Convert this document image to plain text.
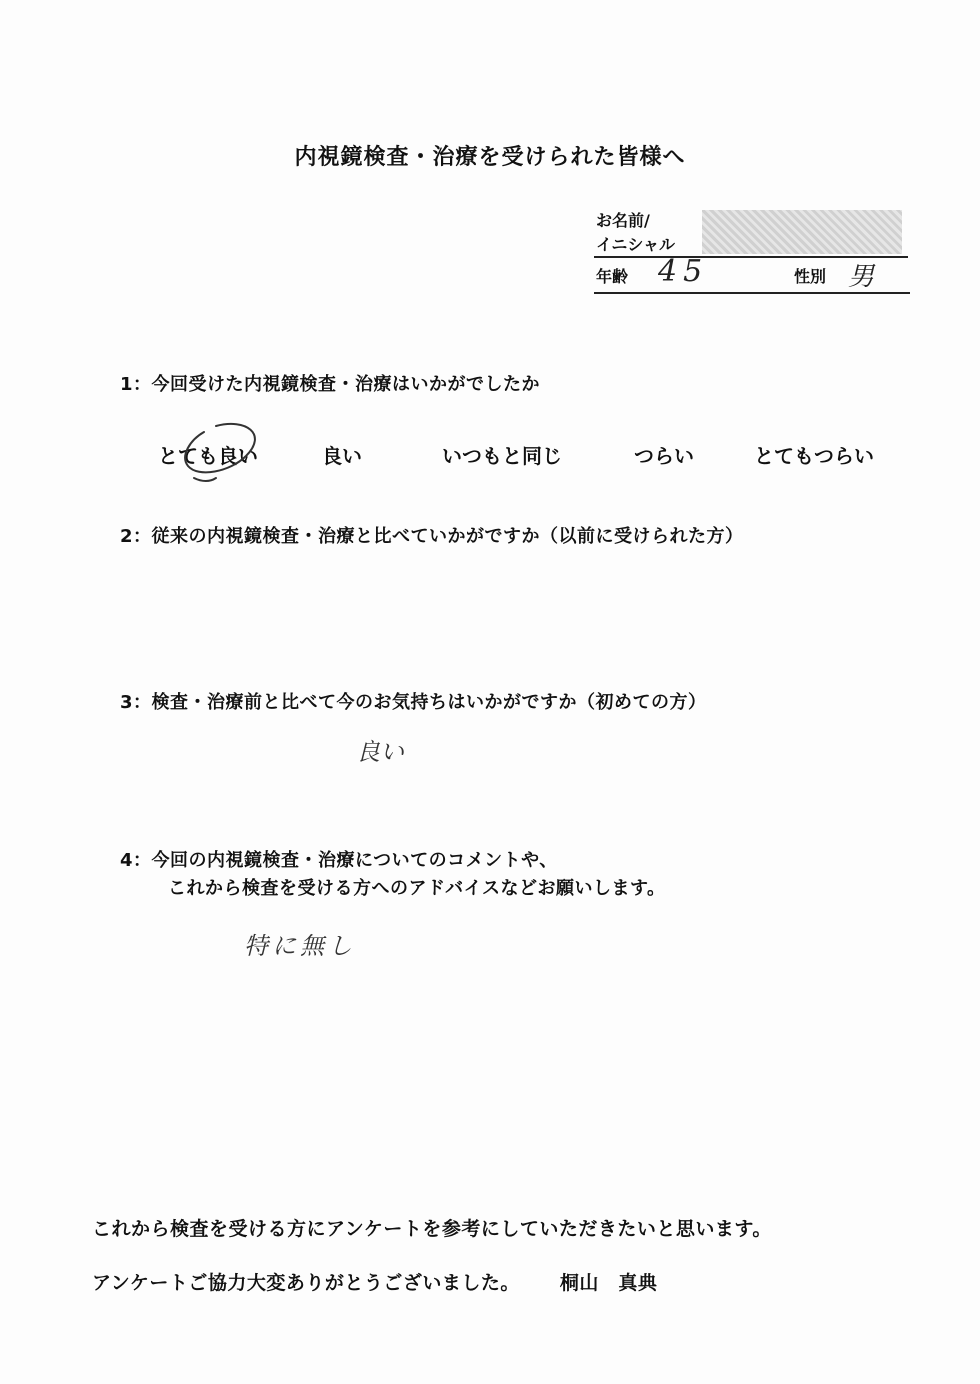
内視鏡検査・治療を受けられた皆様へ
お名前/
イニシャル
年齢 45	性別 男
1：今回受けた内視鏡検査・治療はいかがでしたか
とても良い	良い	いつもと同じ	つらい	とてもつらい
2：従来の内視鏡検査・治療と比べていかがですか（以前に受けられた方）
3：検査・治療前と比べて今のお気持ちはいかがですか（初めての方）
良い
4：今回の内視鏡検査・治療についてのコメントや、
これから検査を受ける方へのアドバイスなどお願いします。
特に無し
これから検査を受ける方にアンケートを参考にしていただきたいと思います。
アンケートご協力大変ありがとうございました。 桐山　真典
